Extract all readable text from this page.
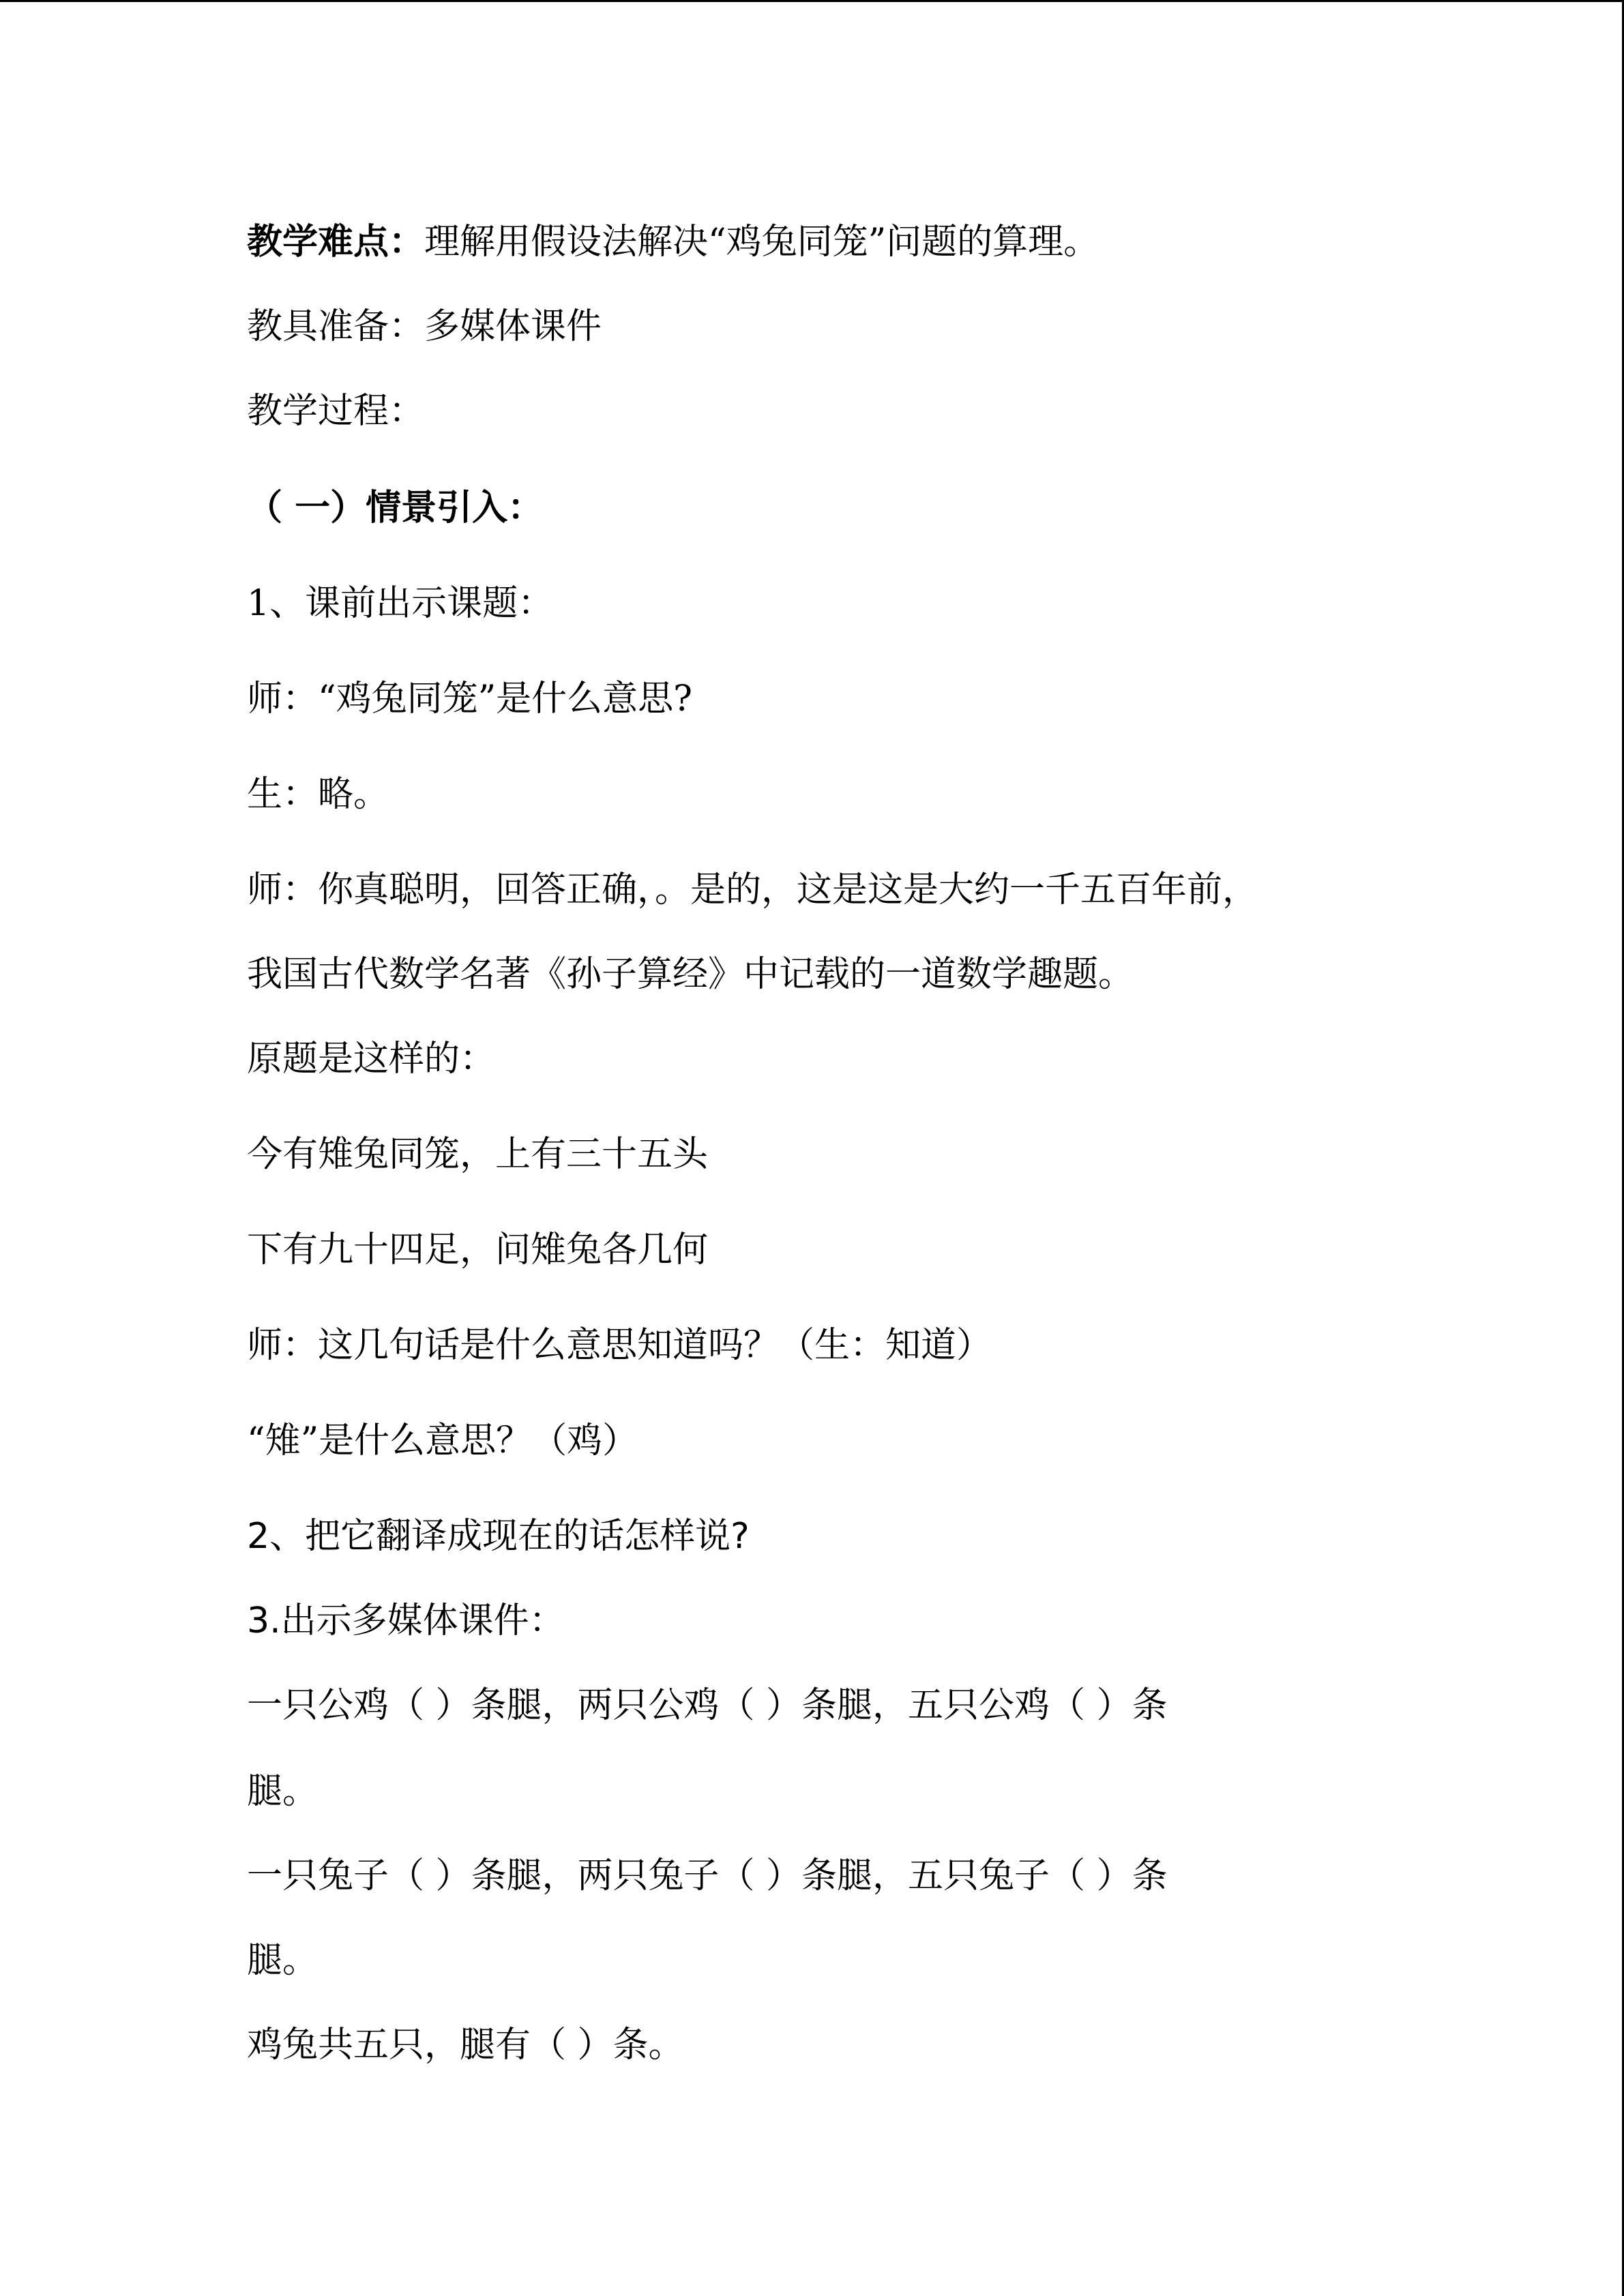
教学难点：理解用假设法解决“鸡兔同笼”问题的算理。
教具准备：多媒体课件
教学过程：
（ 一）情景引入：
1、课前出示课题：
师：“鸡兔同笼”是什么意思?
生：略。
师：你真聪明，回答正确，。是的，这是这是大约一千五百年前，
我国古代数学名著《孙子算经》中记载的一道数学趣题。
原题是这样的：
今有雉兔同笼，上有三十五头
下有九十四足，问雉兔各几何
师：这几句话是什么意思知道吗？（生：知道）
“雉”是什么意思？（鸡）
2、把它翻译成现在的话怎样说?
3.出示多媒体课件：
一只公鸡（ ）条腿，两只公鸡（ ）条腿，五只公鸡（ ）条
腿。
一只兔子（ ）条腿，两只兔子（ ）条腿，五只兔子（ ）条
腿。
鸡兔共五只，腿有（ ）条。
